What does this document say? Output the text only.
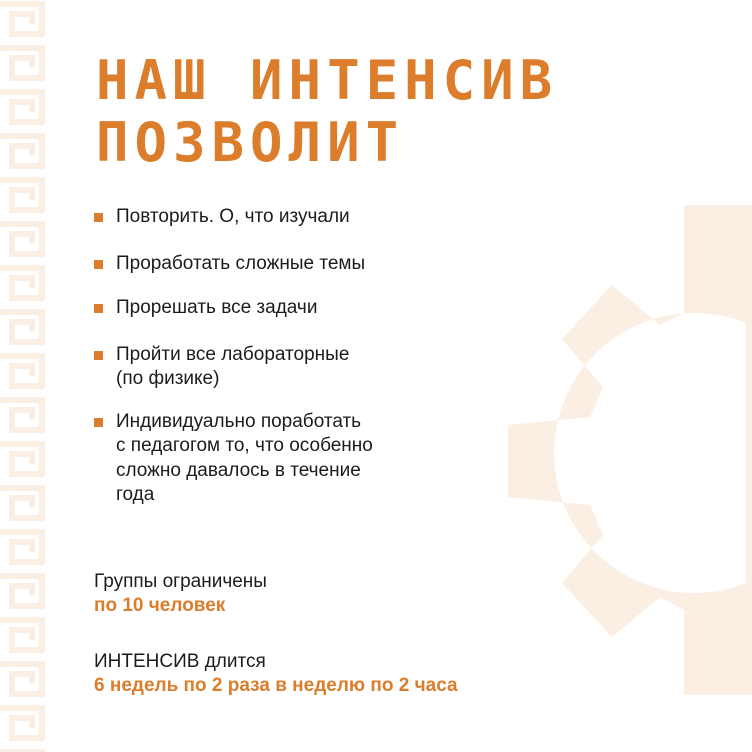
НАШ ИНТЕНСИВ
ПОЗВОЛИТ
Повторить. О, что изучали
Проработать сложные темы
Прорешать все задачи
Пройти все лабораторные
(по физике)
Индивидуально поработать
с педагогом то, что особенно
сложно давалось в течение
года
Группы ограничены
по 10 человек
ИНТЕНСИВ длится
6 недель по 2 раза в неделю по 2 часа
